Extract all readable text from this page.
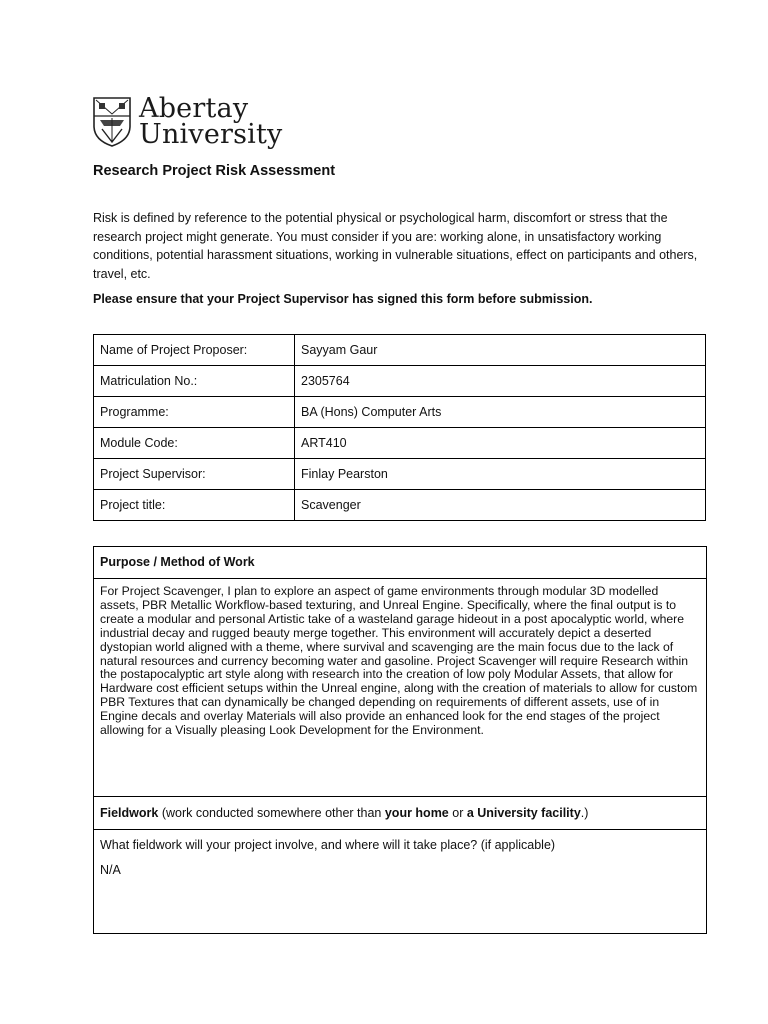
Abertay
University
Research Project Risk Assessment

Risk is defined by reference to the potential physical or psychological harm, discomfort or stress that the research project might generate. You must consider if you are: working alone, in unsatisfactory working conditions, potential harassment situations, working in vulnerable situations, effect on participants and others, travel, etc.

Please ensure that your Project Supervisor has signed this form before submission.

Name of Project Proposer:	Sayyam Gaur
Matriculation No.:	2305764
Programme:	BA (Hons) Computer Arts
Module Code:	ART410
Project Supervisor:	Finlay Pearston
Project title:	Scavenger

Purpose / Method of Work

For Project Scavenger, I plan to explore an aspect of game environments through modular 3D modelled assets, PBR Metallic Workflow-based texturing, and Unreal Engine. Specifically, where the final output is to create a modular and personal Artistic take of a wasteland garage hideout in a post apocalyptic world, where industrial decay and rugged beauty merge together. This environment will accurately depict a deserted dystopian world aligned with a theme, where survival and scavenging are the main focus due to the lack of natural resources and currency becoming water and gasoline. Project Scavenger will require Research within the postapocalyptic art style along with research into the creation of low poly Modular Assets, that allow for Hardware cost efficient setups within the Unreal engine, along with the creation of materials to allow for custom PBR Textures that can dynamically be changed depending on requirements of different assets, use of in Engine decals and overlay Materials will also provide an enhanced look for the end stages of the project allowing for a Visually pleasing Look Development for the Environment.

Fieldwork (work conducted somewhere other than your home or a University facility.)

What fieldwork will your project involve, and where will it take place? (if applicable)

N/A
